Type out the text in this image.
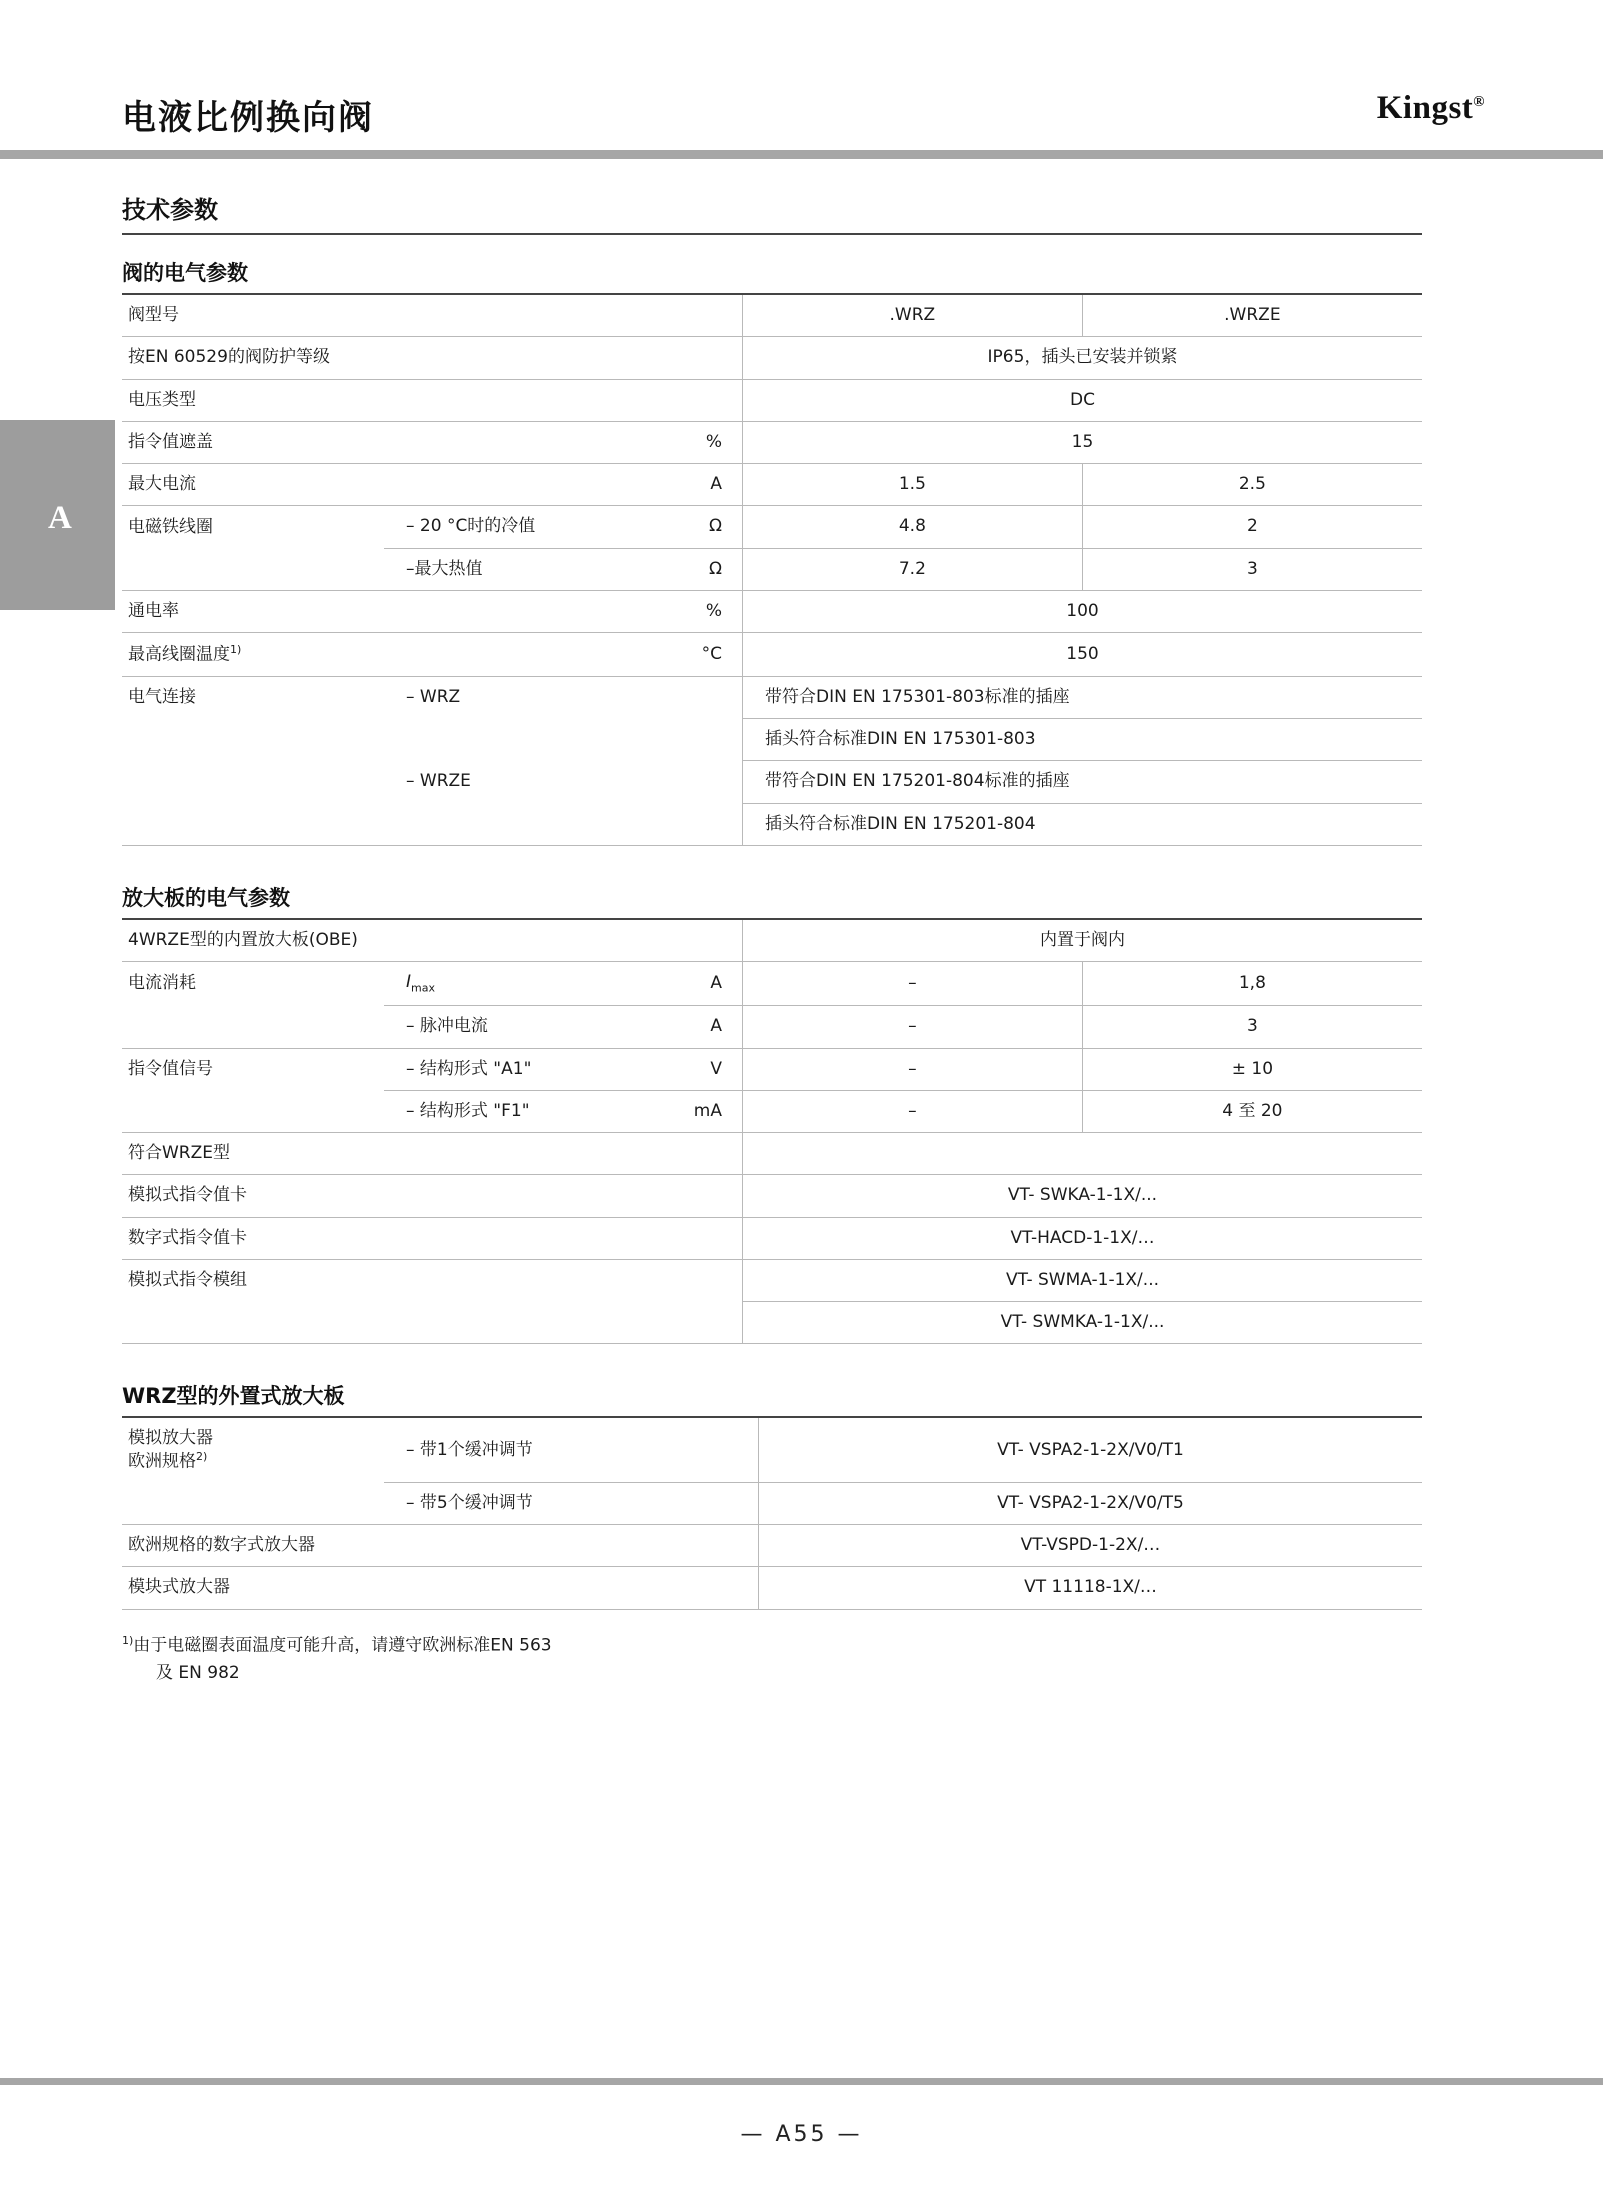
电液比例换向阀	Kingst®
A
技术参数
阀的电气参数
阀型号			.WRZ	.WRZE
按EN 60529的阀防护等级			IP65，插头已安装并锁紧	
电压类型			DC	
指令值遮盖		%	15	
最大电流		A	1.5	2.5
电磁铁线圈	– 20 °C时的冷值	Ω	4.8	2
	–最大热值	Ω	7.2	3
通电率		%	100	
最高线圈温度$^{1)}$		°C	150	
电气连接	– WRZ		带符合DIN EN 175301-803标准的插座	
			插头符合标准DIN EN 175301-803	
	– WRZE		带符合DIN EN 175201-804标准的插座	
			插头符合标准DIN EN 175201-804	
放大板的电气参数
4WRZE型的内置放大板(OBE)			内置于阀内	
电流消耗	$I_{max}$	A	–	1,8
	– 脉冲电流	A	–	3
指令值信号	– 结构形式 "A1"	V	–	± 10
	– 结构形式 "F1"	mA	–	4 至 20
符合WRZE型				
模拟式指令值卡			VT- SWKA-1-1X/...	
数字式指令值卡			VT-HACD-1-1X/…	
模拟式指令模组			VT- SWMA-1-1X/...	
			VT- SWMKA-1-1X/...	
WRZ型的外置式放大板
模拟放大器
欧洲规格$^{2)}$	– 带1个缓冲调节		VT- VSPA2-1-2X/V0/T1
	– 带5个缓冲调节		VT- VSPA2-1-2X/V0/T5
欧洲规格的数字式放大器			VT-VSPD-1-2X/…
模块式放大器			VT 11118-1X/…
$^{1)}$由于电磁圈表面温度可能升高，请遵守欧洲标准EN 563
及 EN 982
— A55 —
